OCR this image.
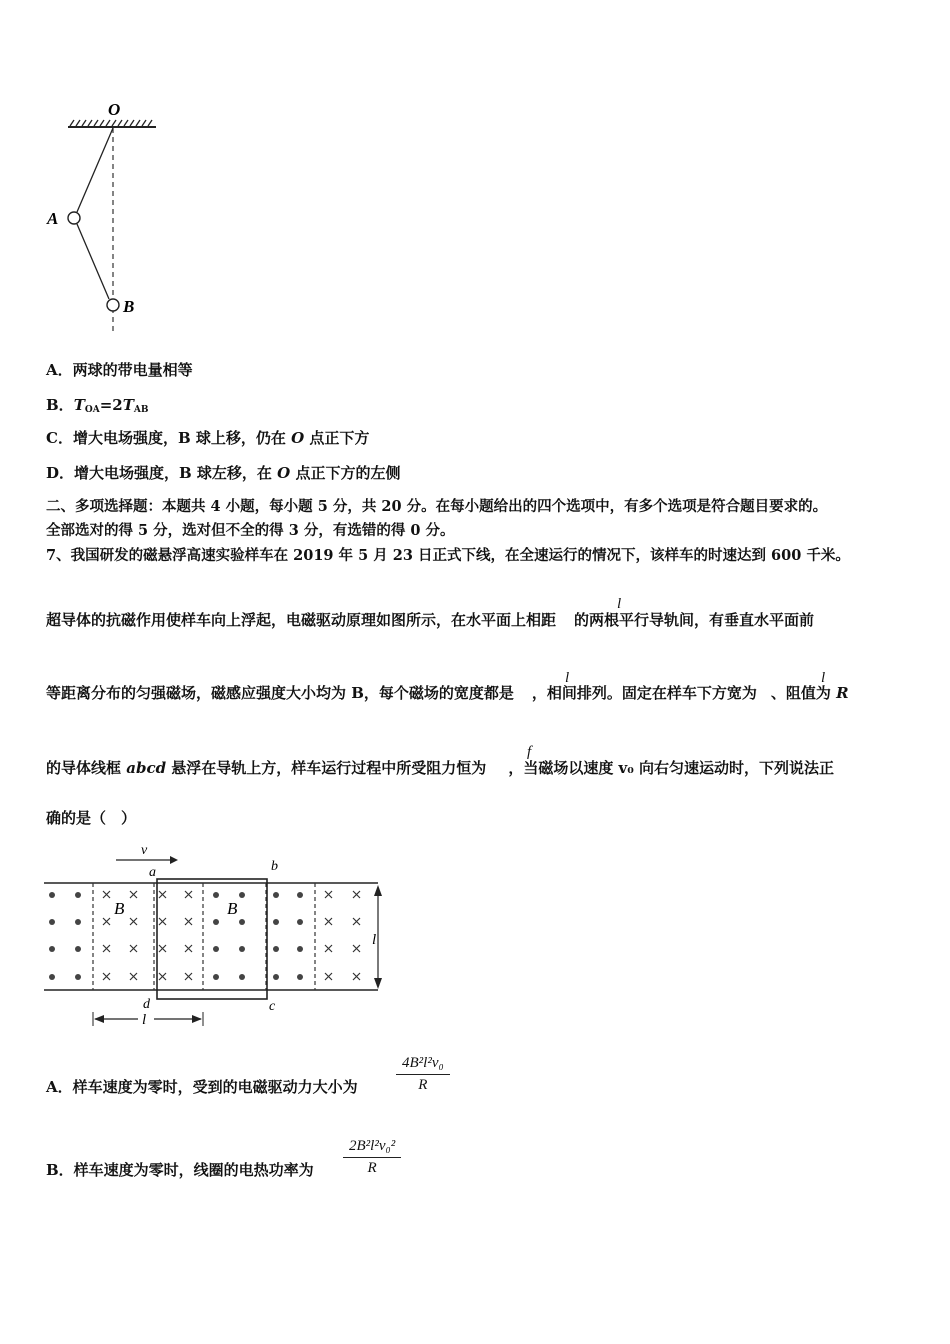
O
A
B
A．两球的带电量相等
B．$T_{OA}=2T_{AB}$
C．增大电场强度，B 球上移，仍在 O 点正下方
D．增大电场强度，B 球左移，在 O 点正下方的左侧
二、多项选择题：本题共 4 小题，每小题 5 分，共 20 分。在每小题给出的四个选项中，有多个选项是符合题目要求的。
全部选对的得 5 分，选对但不全的得 3 分，有选错的得 0 分。
7、我国研发的磁悬浮高速实验样车在 2019 年 5 月 23 日正式下线，在全速运行的情况下，该样车的时速达到 600 千米。
超导体的抗磁作用使样车向上浮起，电磁驱动原理如图所示，在水平面上相距 的两根平行导轨间，有垂直水平面前
l
等距离分布的匀强磁场，磁感应强度大小均为 B，每个磁场的宽度都是 ，相间排列。固定在样车下方宽为 、阻值为 R
l	l
的导体线框 abcd 悬浮在导轨上方，样车运行过程中所受阻力恒为 ，当磁场以速度 v₀ 向右匀速运动时，下列说法正
f
确的是（　）
v
a	b
c
d
B	B
l
l
A．样车速度为零时，受到的电磁驱动力大小为	$\frac{\text{4B²l²v₀}}{R}$
B．样车速度为零时，线圈的电热功率为 $\frac{\text{2B²l²v₀²}}{R}$
